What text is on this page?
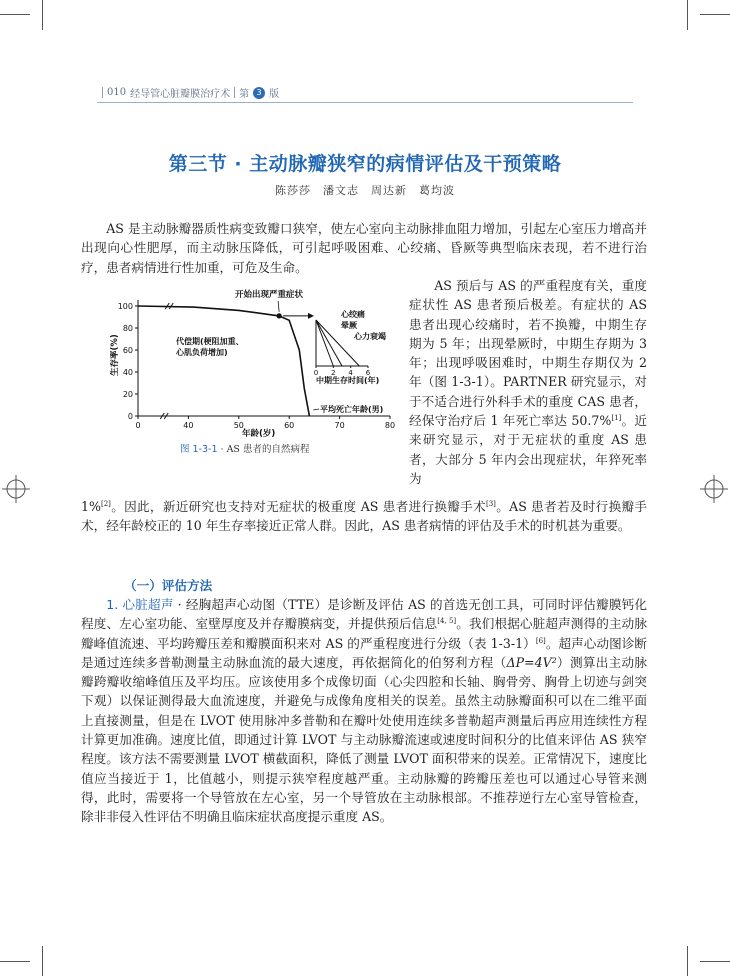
010 经导管心脏瓣膜治疗术 第 3 版
第三节 · 主动脉瓣狭窄的病情评估及干预策略
陈莎莎　潘文志　周达新　葛均波
AS 是主动脉瓣器质性病变致瓣口狭窄，使左心室向主动脉排血阻力增加，引起左心室压力增高并出现向心性肥厚，而主动脉压降低，可引起呼吸困难、心绞痛、昏厥等典型临床表现，若不进行治疗，患者病情进行性加重，可危及生命。
0
20
40
60
80
100
0	40	50	60	70	80
0 2 4 6
开始出现严重症状
代偿期(梗阻加重、
心肌负荷增加)
平均死亡年龄(男)
心绞痛
晕厥
心力衰竭
中期生存时间(年)
年龄(岁)
生存率(%)
图 1-3-1 · AS 患者的自然病程
AS 预后与 AS 的严重程度有关，重度症状性 AS 患者预后极差。有症状的 AS 患者出现心绞痛时，若不换瓣，中期生存期为 5 年；出现晕厥时，中期生存期为 3 年；出现呼吸困难时，中期生存期仅为 2 年（图 1-3-1）。PARTNER 研究显示，对于不适合进行外科手术的重度 CAS 患者，经保守治疗后 1 年死亡率达 50.7%[1]。近来研究显示，对于无症状的重度 AS 患者，大部分 5 年内会出现症状，年猝死率为
1%[2]。因此，新近研究也支持对无症状的极重度 AS 患者进行换瓣手术[3]。AS 患者若及时行换瓣手术，经年龄校正的 10 年生存率接近正常人群。因此，AS 患者病情的评估及手术的时机甚为重要。
（一）评估方法
1. 心脏超声 · 经胸超声心动图（TTE）是诊断及评估 AS 的首选无创工具，可同时评估瓣膜钙化程度、左心室功能、室壁厚度及并存瓣膜病变，并提供预后信息[4, 5]。我们根据心脏超声测得的主动脉瓣峰值流速、平均跨瓣压差和瓣膜面积来对 AS 的严重程度进行分级（表 1-3-1）[6]。超声心动图诊断是通过连续多普勒测量主动脉血流的最大速度，再依据简化的伯努利方程（ΔP=4V²）测算出主动脉瓣跨瓣收缩峰值压及平均压。应该使用多个成像切面（心尖四腔和长轴、胸骨旁、胸骨上切迹与剑突下观）以保证测得最大血流速度，并避免与成像角度相关的误差。虽然主动脉瓣面积可以在二维平面上直接测量，但是在 LVOT 使用脉冲多普勒和在瓣叶处使用连续多普勒超声测量后再应用连续性方程计算更加准确。速度比值，即通过计算 LVOT 与主动脉瓣流速或速度时间积分的比值来评估 AS 狭窄程度。该方法不需要测量 LVOT 横截面积，降低了测量 LVOT 面积带来的误差。正常情况下，速度比值应当接近于 1，比值越小，则提示狭窄程度越严重。主动脉瓣的跨瓣压差也可以通过心导管来测得，此时，需要将一个导管放在左心室，另一个导管放在主动脉根部。不推荐逆行左心室导管检查，除非非侵入性评估不明确且临床症状高度提示重度 AS。
